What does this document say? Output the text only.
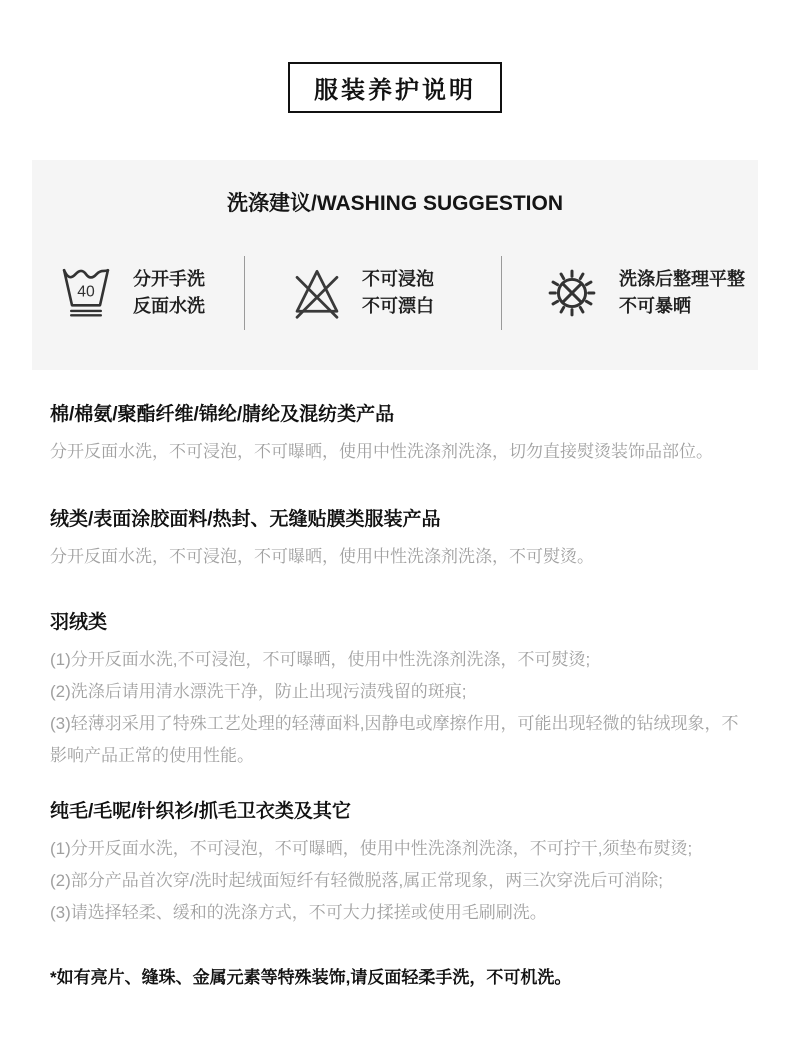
服装养护说明
洗涤建议/WASHING SUGGESTION
40
分开手洗
反面水洗
不可浸泡
不可漂白
洗涤后整理平整
不可暴晒
棉/棉氨/聚酯纤维/锦纶/腈纶及混纺类产品
分开反面水洗，不可浸泡，不可曝晒，使用中性洗涤剂洗涤，切勿直接熨烫装饰品部位。
绒类/表面涂胶面料/热封、无缝贴膜类服装产品
分开反面水洗，不可浸泡，不可曝晒，使用中性洗涤剂洗涤，不可熨烫。
羽绒类
(1)分开反面水洗,不可浸泡，不可曝晒，使用中性洗涤剂洗涤，不可熨烫;
(2)洗涤后请用清水漂洗干净，防止出现污渍残留的斑痕;
(3)轻薄羽采用了特殊工艺处理的轻薄面料,因静电或摩擦作用，可能出现轻微的钻绒现象，不影响产品正常的使用性能。
纯毛/毛呢/针织衫/抓毛卫衣类及其它
(1)分开反面水洗，不可浸泡，不可曝晒，使用中性洗涤剂洗涤，不可拧干,须垫布熨烫;
(2)部分产品首次穿/洗时起绒面短纤有轻微脱落,属正常现象，两三次穿洗后可消除;
(3)请选择轻柔、缓和的洗涤方式，不可大力揉搓或使用毛刷刷洗。
*如有亮片、缝珠、金属元素等特殊装饰,请反面轻柔手洗，不可机洗。
